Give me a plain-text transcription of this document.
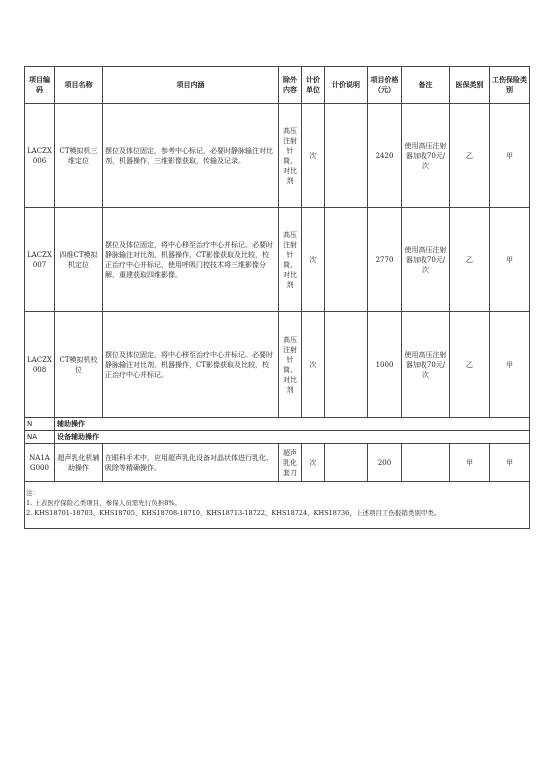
项目编码	项目名称	项目内涵	除外内容	计价单位	计价说明	项目价格（元）	备注	医保类别	工伤保险类别
LACZX006	CT模拟机三维定位	摆位及体位固定，参考中心标记，必要时静脉输注对比剂，机器操作，三维影像获取，传输及记录。	高压注射针筒、对比剂	次		2420	使用高压注射器加收70元/次	乙	甲
LACZX007	四维CT模拟机定位	摆位及体位固定，将中心移至治疗中心并标记。必要时静脉输注对比剂，机器操作，CT影像获取及比较，校正治疗中心并标记，使用呼吸门控技术将三维影像分解、重建获取四维影像。	高压注射针筒、对比剂	次		2770	使用高压注射器加收70元/次	乙	甲
LACZX008	CT模拟机校位	摆位及体位固定，将中心移至治疗中心并标记。必要时静脉输注对比剂，机器操作，CT影像获取及比较，校正治疗中心并标记。	高压注射针筒、对比剂	次		1000	使用高压注射器加收70元/次	乙	甲
N	辅助操作								
NA	设备辅助操作								
NA1AG000	超声乳化机辅助操作	在眼科手术中，应用超声乳化设备对晶状体进行乳化、吸除等精确操作。	超声乳化套刀	次		200		甲	甲

注：
1. 上表医疗保险乙类项目，参保人员需先行负担8%。
2. KHS18701-18703、KHS18705、KHS18708-18710、KHS18713-18722、KHS18724、KHS18736，上述项目工伤报销类别甲类。									
